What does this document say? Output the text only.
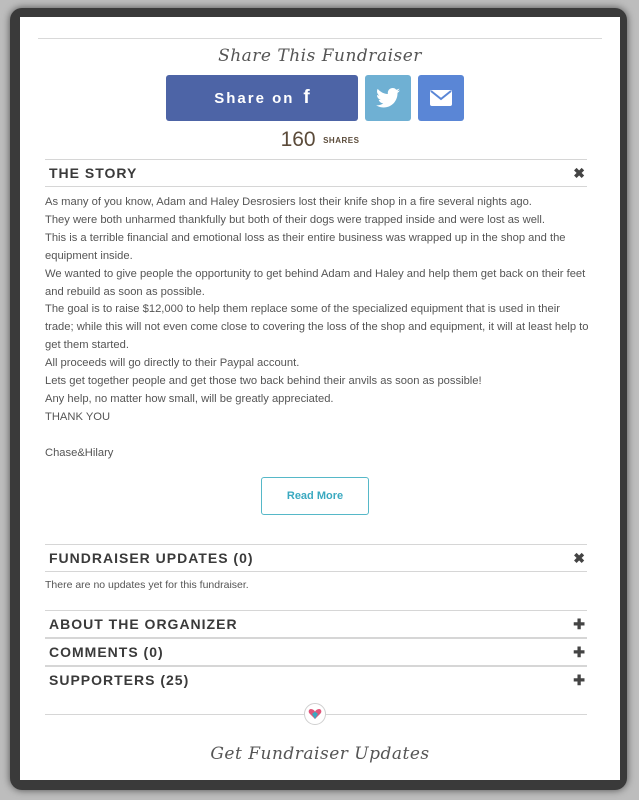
Share This Fundraiser
Share on f
160 SHARES
THE STORY	✖

As many of you know, Adam and Haley Desrosiers lost their knife shop in a fire several nights ago.

They were both unharmed thankfully but both of their dogs were trapped inside and were lost as well.

This is a terrible financial and emotional loss as their entire business was wrapped up in the shop and the equipment inside.

We wanted to give people the opportunity to get behind Adam and Haley and help them get back on their feet and rebuild as soon as possible.

The goal is to raise $12,000 to help them replace some of the specialized equipment that is used in their trade; while this will not even come close to covering the loss of the shop and equipment, it will at least help to get them started.

All proceeds will go directly to their Paypal account.

Lets get together people and get those two back behind their anvils as soon as possible!

Any help, no matter how small, will be greatly appreciated.

THANK YOU

Chase&Hilary

Read More
FUNDRAISER UPDATES (0)	✖
There are no updates yet for this fundraiser.
ABOUT THE ORGANIZER	✚
COMMENTS (0)	✚
SUPPORTERS (25)	✚
Get Fundraiser Updates
